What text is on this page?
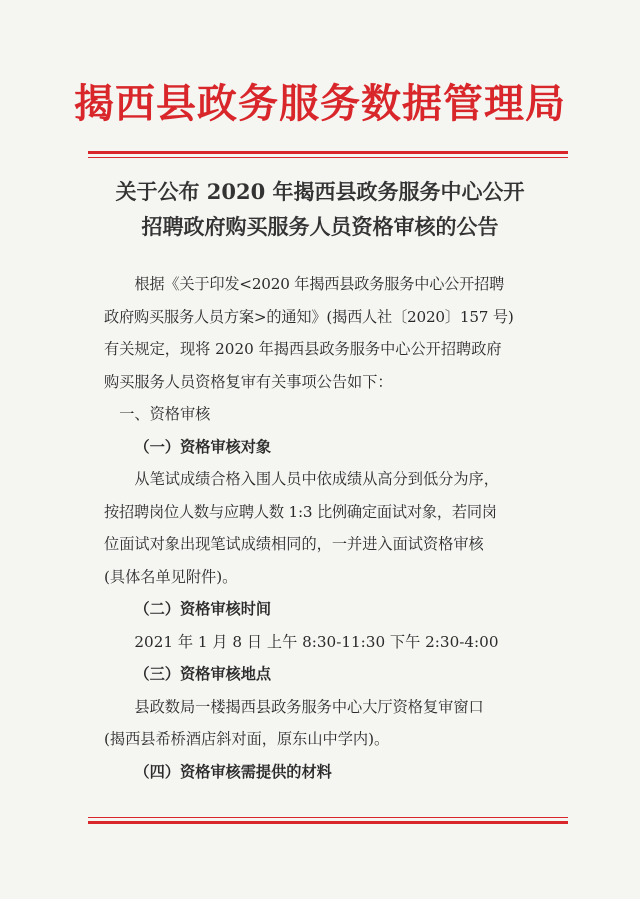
揭西县政务服务数据管理局
关于公布 2020 年揭西县政务服务中心公开
招聘政府购买服务人员资格审核的公告

根据《关于印发<2020 年揭西县政务服务中心公开招聘

政府购买服务人员方案>的通知》(揭西人社〔2020〕157 号)

有关规定，现将 2020 年揭西县政务服务中心公开招聘政府

购买服务人员资格复审有关事项公告如下：

一、资格审核

（一）资格审核对象

从笔试成绩合格入围人员中依成绩从高分到低分为序，

按招聘岗位人数与应聘人数 1:3 比例确定面试对象，若同岗

位面试对象出现笔试成绩相同的，一并进入面试资格审核

(具体名单见附件)。

（二）资格审核时间

2021 年 1 月 8 日 上午 8:30-11:30 下午 2:30-4:00

（三）资格审核地点

县政数局一楼揭西县政务服务中心大厅资格复审窗口

(揭西县希桥酒店斜对面，原东山中学内)。

（四）资格审核需提供的材料
